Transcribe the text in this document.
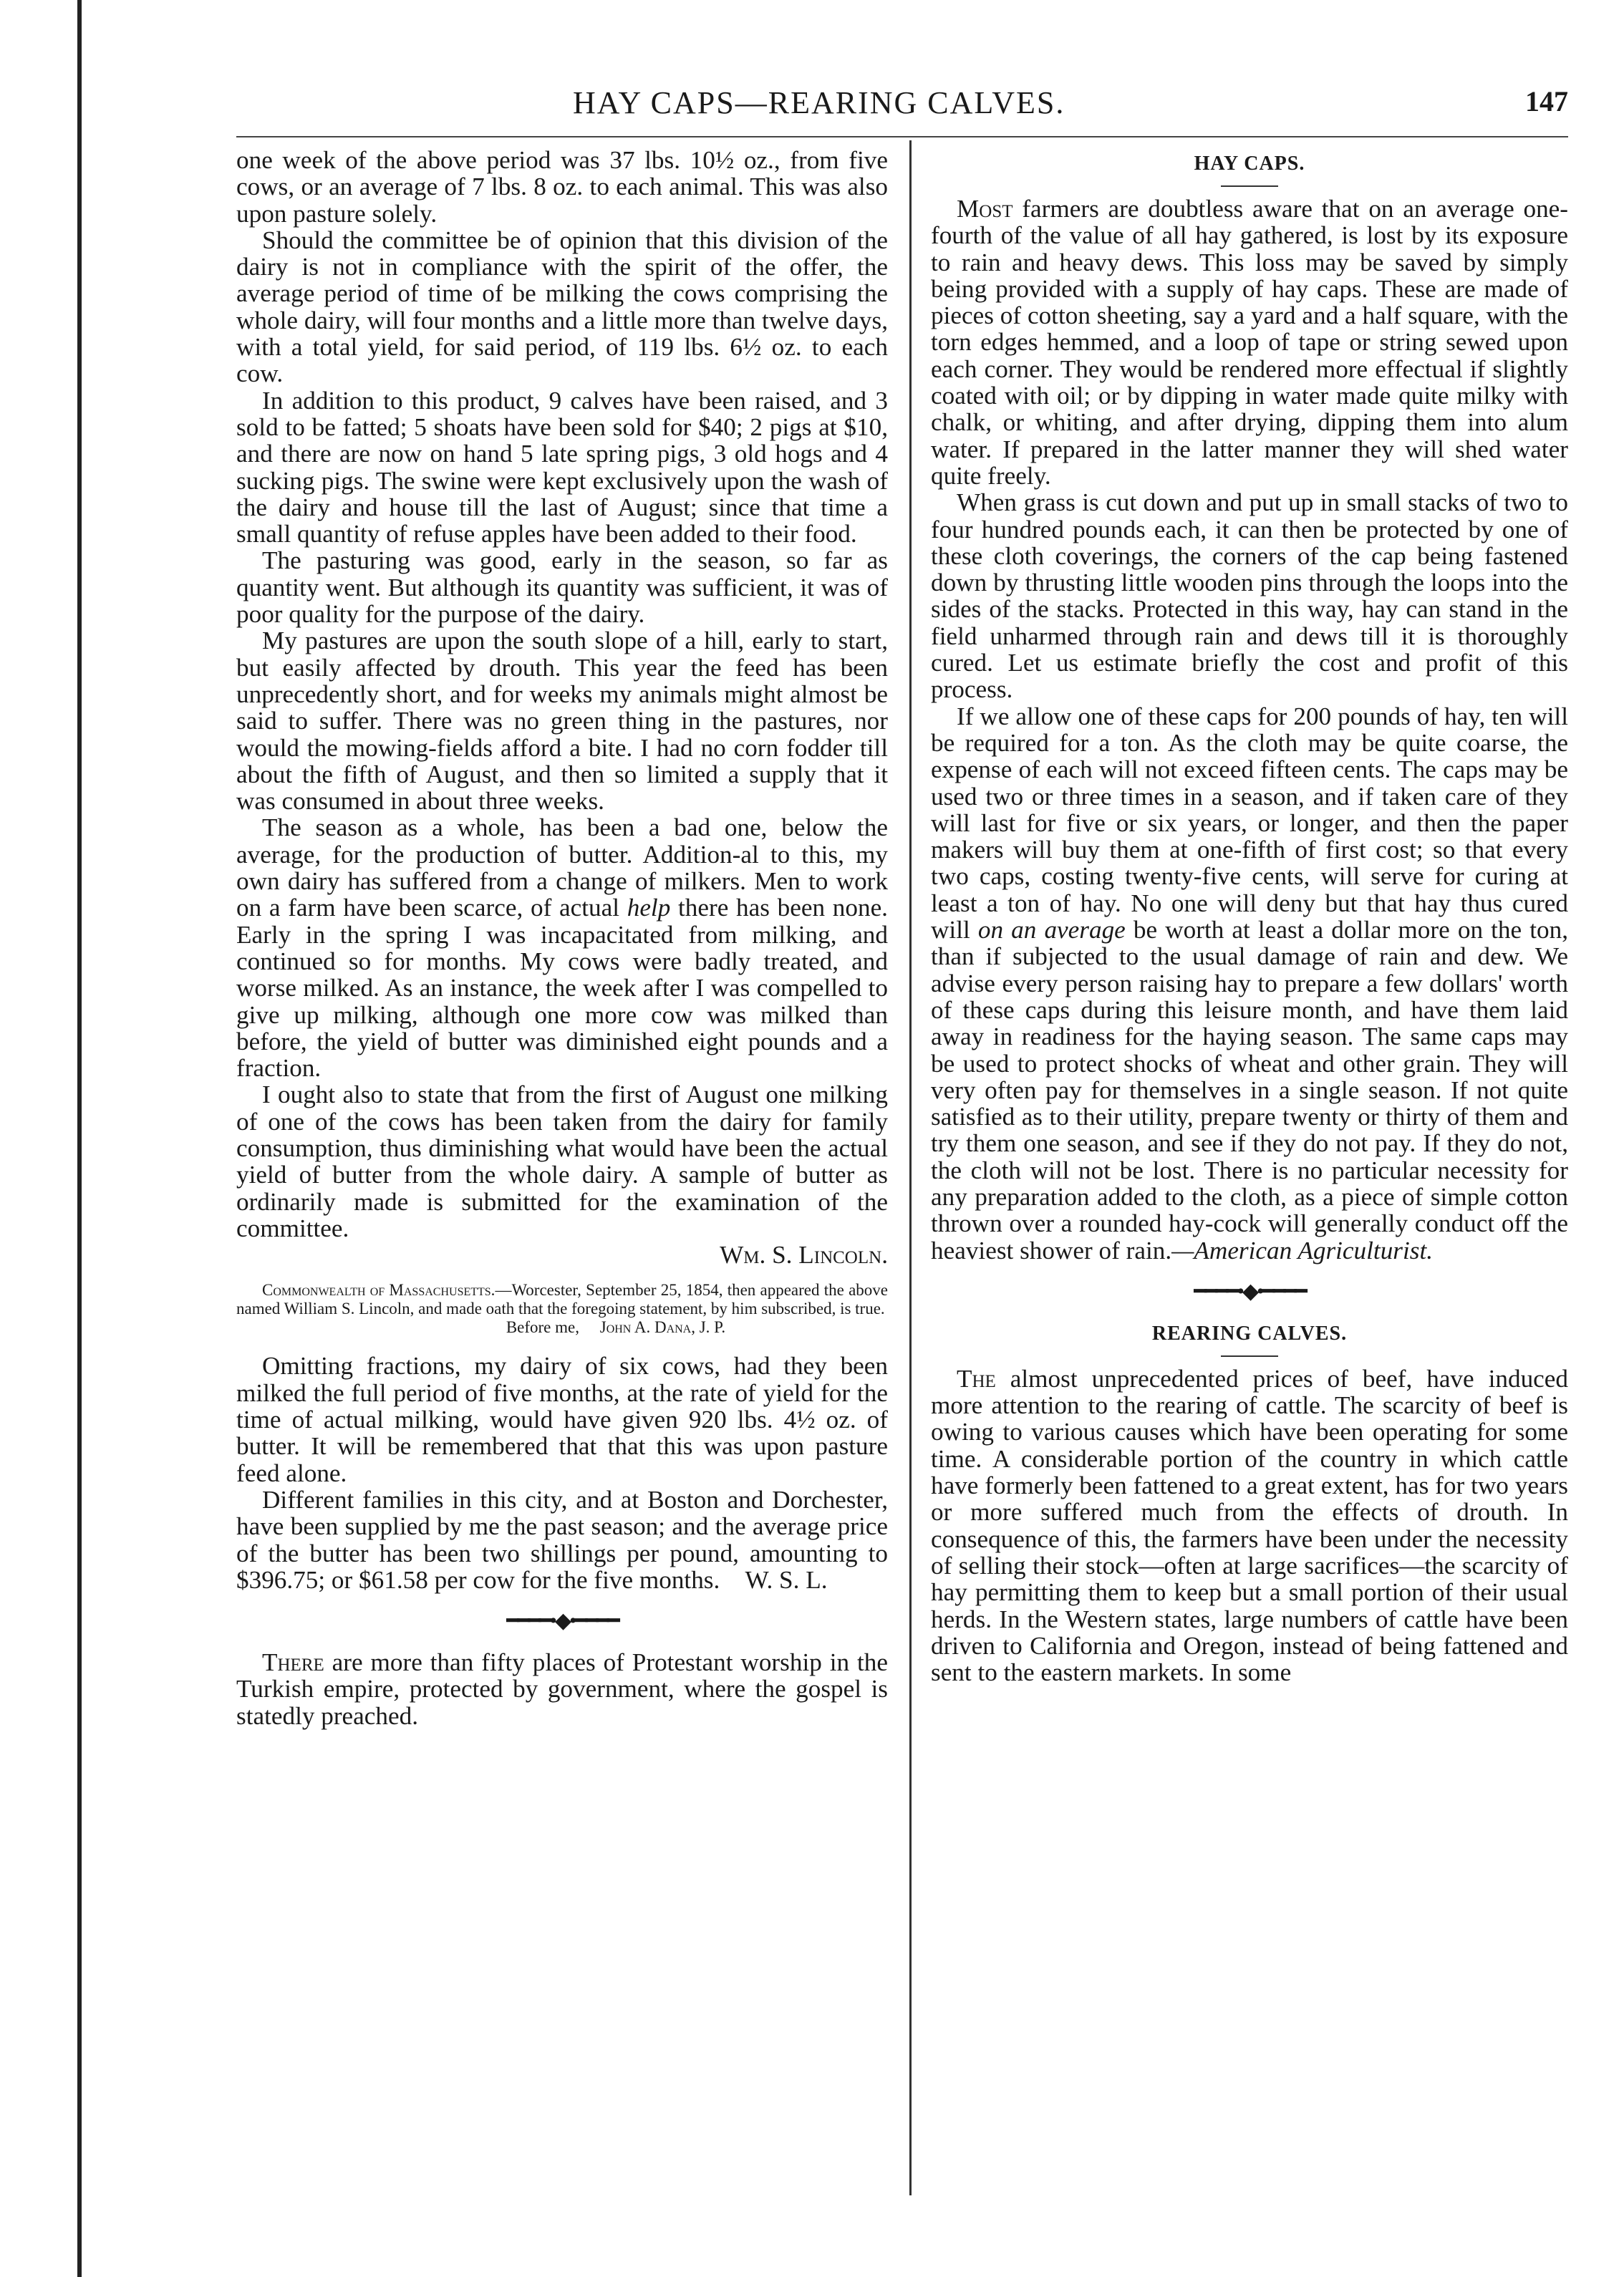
HAY CAPS—REARING CALVES.	147

one week of the above period was 37 lbs. 10½ oz., from five cows, or an average of 7 lbs. 8 oz. to each animal. This was also upon pasture solely.

Should the committee be of opinion that this division of the dairy is not in compliance with the spirit of the offer, the average period of time of be milking the cows comprising the whole dairy, will four months and a little more than twelve days, with a total yield, for said period, of 119 lbs. 6½ oz. to each cow.

In addition to this product, 9 calves have been raised, and 3 sold to be fatted; 5 shoats have been sold for $40; 2 pigs at $10, and there are now on hand 5 late spring pigs, 3 old hogs and 4 sucking pigs. The swine were kept exclusively upon the wash of the dairy and house till the last of August; since that time a small quantity of refuse apples have been added to their food.

The pasturing was good, early in the season, so far as quantity went. But although its quantity was sufficient, it was of poor quality for the purpose of the dairy.

My pastures are upon the south slope of a hill, early to start, but easily affected by drouth. This year the feed has been unprecedently short, and for weeks my animals might almost be said to suffer. There was no green thing in the pastures, nor would the mowing-fields afford a bite. I had no corn fodder till about the fifth of August, and then so limited a supply that it was consumed in about three weeks.

The season as a whole, has been a bad one, below the average, for the production of butter. Addition-al to this, my own dairy has suffered from a change of milkers. Men to work on a farm have been scarce, of actual help there has been none. Early in the spring I was incapacitated from milking, and continued so for months. My cows were badly treated, and worse milked. As an instance, the week after I was compelled to give up milking, although one more cow was milked than before, the yield of butter was diminished eight pounds and a fraction.

I ought also to state that from the first of August one milking of one of the cows has been taken from the dairy for family consumption, thus diminishing what would have been the actual yield of butter from the whole dairy. A sample of butter as ordinarily made is submitted for the examination of the committee.

Wm. S. Lincoln.

Commonwealth of Massachusetts.—Worcester, September 25, 1854, then appeared the above named William S. Lincoln, and made oath that the foregoing statement, by him subscribed, is true.
Before me, John A. Dana, J. P.

Omitting fractions, my dairy of six cows, had they been milked the full period of five months, at the rate of yield for the time of actual milking, would have given 920 lbs. 4½ oz. of butter. It will be remembered that that this was upon pasture feed alone.

Different families in this city, and at Boston and Dorchester, have been supplied by me the past season; and the average price of the butter has been two shillings per pound, amounting to $396.75; or $61.58 per cow for the five months. W. S. L.

━━━━•◆•━━━━

There are more than fifty places of Protestant worship in the Turkish empire, protected by government, where the gospel is statedly preached.

HAY CAPS.

Most farmers are doubtless aware that on an average one-fourth of the value of all hay gathered, is lost by its exposure to rain and heavy dews. This loss may be saved by simply being provided with a supply of hay caps. These are made of pieces of cotton sheeting, say a yard and a half square, with the torn edges hemmed, and a loop of tape or string sewed upon each corner. They would be rendered more effectual if slightly coated with oil; or by dipping in water made quite milky with chalk, or whiting, and after drying, dipping them into alum water. If prepared in the latter manner they will shed water quite freely.

When grass is cut down and put up in small stacks of two to four hundred pounds each, it can then be protected by one of these cloth coverings, the corners of the cap being fastened down by thrusting little wooden pins through the loops into the sides of the stacks. Protected in this way, hay can stand in the field unharmed through rain and dews till it is thoroughly cured. Let us estimate briefly the cost and profit of this process.

If we allow one of these caps for 200 pounds of hay, ten will be required for a ton. As the cloth may be quite coarse, the expense of each will not exceed fifteen cents. The caps may be used two or three times in a season, and if taken care of they will last for five or six years, or longer, and then the paper makers will buy them at one-fifth of first cost; so that every two caps, costing twenty-five cents, will serve for curing at least a ton of hay. No one will deny but that hay thus cured will on an average be worth at least a dollar more on the ton, than if subjected to the usual damage of rain and dew. We advise every person raising hay to prepare a few dollars' worth of these caps during this leisure month, and have them laid away in readiness for the haying season. The same caps may be used to protect shocks of wheat and other grain. They will very often pay for themselves in a single season. If not quite satisfied as to their utility, prepare twenty or thirty of them and try them one season, and see if they do not pay. If they do not, the cloth will not be lost. There is no particular necessity for any preparation added to the cloth, as a piece of simple cotton thrown over a rounded hay-cock will generally conduct off the heaviest shower of rain.—American Agriculturist.

━━━━•◆•━━━━
REARING CALVES.

The almost unprecedented prices of beef, have induced more attention to the rearing of cattle. The scarcity of beef is owing to various causes which have been operating for some time. A considerable portion of the country in which cattle have formerly been fattened to a great extent, has for two years or more suffered much from the effects of drouth. In consequence of this, the farmers have been under the necessity of selling their stock—often at large sacrifices—the scarcity of hay permitting them to keep but a small portion of their usual herds. In the Western states, large numbers of cattle have been driven to California and Oregon, instead of being fattened and sent to the eastern markets. In some
